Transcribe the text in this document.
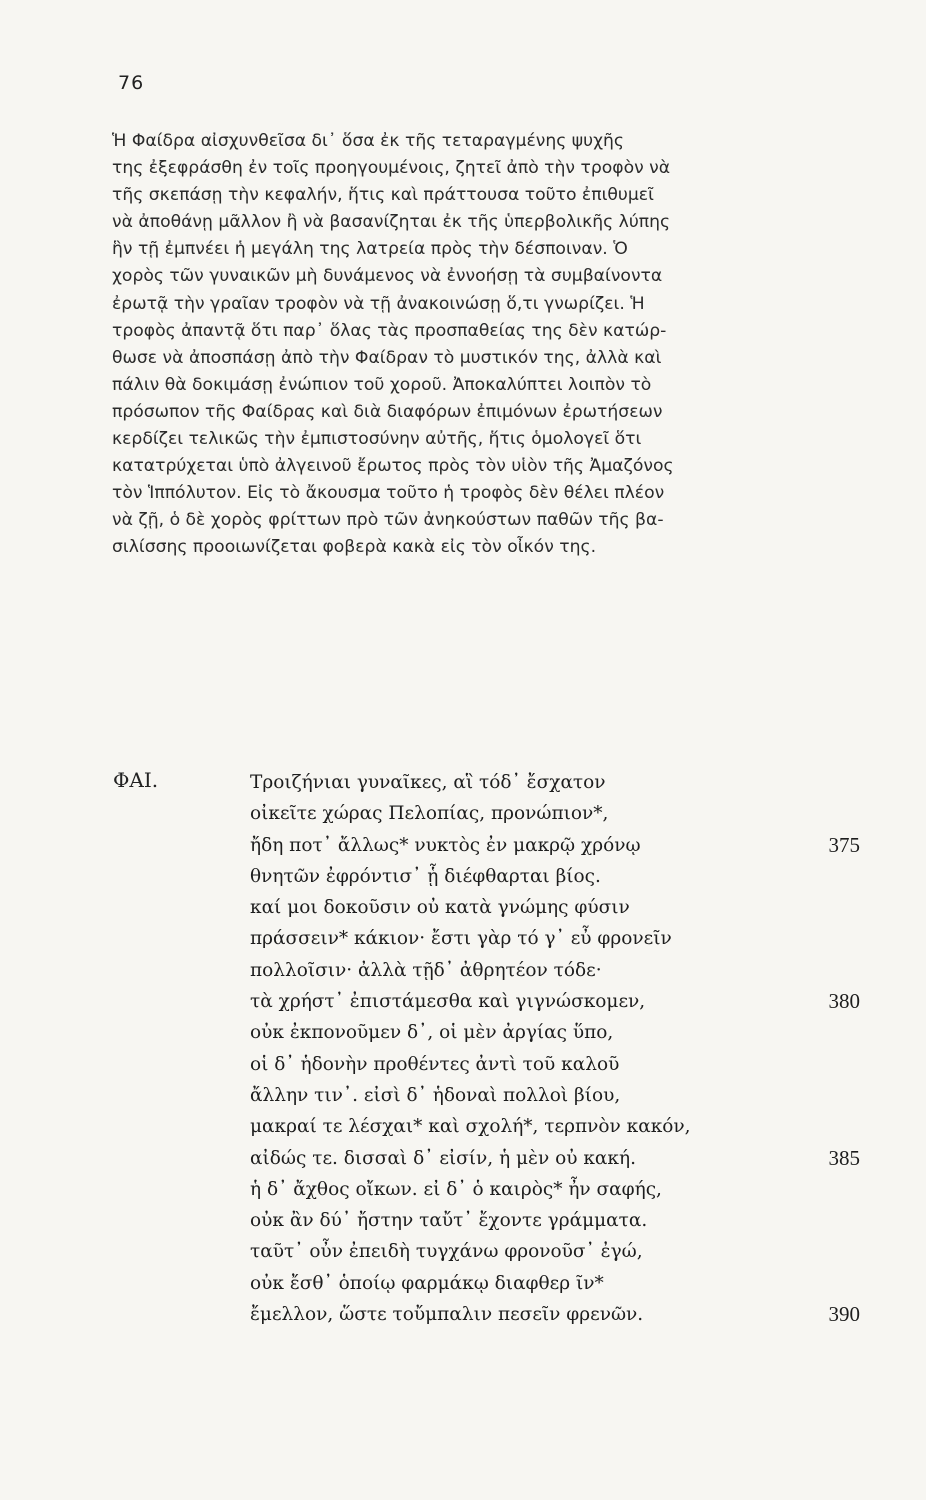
76
Ἡ Φαίδρα αἰσχυνθεῖσα δι᾽ ὅσα ἐκ τῆς τεταραγμένης ψυχῆς
της ἐξεφράσθη ἐν τοῖς προηγουμένοις, ζητεῖ ἀπὸ τὴν τροφὸν νὰ
τῆς σκεπάσῃ τὴν κεφαλήν, ἥτις καὶ πράττουσα τοῦτο ἐπιθυμεῖ
νὰ ἀποθάνῃ μᾶλλον ἢ νὰ βασανίζηται ἐκ τῆς ὑπερβολικῆς λύπης
ἣν τῇ ἐμπνέει ἡ μεγάλη της λατρεία πρὸς τὴν δέσποιναν. Ὁ
χορὸς τῶν γυναικῶν μὴ δυνάμενος νὰ ἐννοήσῃ τὰ συμβαίνοντα
ἐρωτᾷ τὴν γραῖαν τροφὸν νὰ τῇ ἀνακοινώσῃ ὅ,τι γνωρίζει. Ἡ
τροφὸς ἀπαντᾷ ὅτι παρ᾽ ὅλας τὰς προσπαθείας της δὲν κατώρ-
θωσε νὰ ἀποσπάσῃ ἀπὸ τὴν Φαίδραν τὸ μυστικόν της, ἀλλὰ καὶ
πάλιν θὰ δοκιμάσῃ ἐνώπιον τοῦ χοροῦ. Ἀποκαλύπτει λοιπὸν τὸ
πρόσωπον τῆς Φαίδρας καὶ διὰ διαφόρων ἐπιμόνων ἐρωτήσεων
κερδίζει τελικῶς τὴν ἐμπιστοσύνην αὐτῆς, ἥτις ὁμολογεῖ ὅτι
κατατρύχεται ὑπὸ ἀλγεινοῦ ἔρωτος πρὸς τὸν υἱὸν τῆς Ἀμαζόνος
τὸν Ἱππόλυτον. Εἰς τὸ ἄκουσμα τοῦτο ἡ τροφὸς δὲν θέλει πλέον
νὰ ζῇ, ὁ δὲ χορὸς φρίττων πρὸ τῶν ἀνηκούστων παθῶν τῆς βα-
σιλίσσης προοιωνίζεται φοβερὰ κακὰ εἰς τὸν οἶκόν της.
ΦΑΙ.	Τροιζήνιαι γυναῖκες, αἳ τόδ᾽ ἔσχατον
οἰκεῖτε χώρας Πελοπίας, προνώπιον*,
ἤδη ποτ᾽ ἄλλως* νυκτὸς ἐν μακρῷ χρόνῳ	375
θνητῶν ἐφρόντισ᾽ ᾗ διέφθαρται βίος.
καί μοι δοκοῦσιν οὐ κατὰ γνώμης φύσιν
πράσσειν* κάκιον· ἔστι γὰρ τό γ᾽ εὖ φρονεῖν
πολλοῖσιν· ἀλλὰ τῇδ᾽ ἀθρητέον τόδε·
τὰ χρήστ᾽ ἐπιστάμεσθα καὶ γιγνώσκομεν,	380
οὐκ ἐκπονοῦμεν δ᾽, οἱ μὲν ἀργίας ὕπο,
οἱ δ᾽ ἡδονὴν προθέντες ἀντὶ τοῦ καλοῦ
ἄλλην τιν᾽. εἰσὶ δ᾽ ἡδοναὶ πολλοὶ βίου,
μακραί τε λέσχαι* καὶ σχολή*, τερπνὸν κακόν,
αἰδώς τε. δισσαὶ δ᾽ εἰσίν, ἡ μὲν οὐ κακή.	385
ἡ δ᾽ ἄχθος οἴκων. εἰ δ᾽ ὁ καιρὸς* ἦν σαφής,
οὐκ ἂν δύ᾽ ἤστην ταὔτ᾽ ἔχοντε γράμματα.
ταῦτ᾽ οὖν ἐπειδὴ τυγχάνω φρονοῦσ᾽ ἐγώ,
οὐκ ἔσθ᾽ ὁποίῳ φαρμάκῳ διαφθερ ῖν*
ἔμελλον, ὥστε τοὔμπαλιν πεσεῖν φρενῶν.	390
